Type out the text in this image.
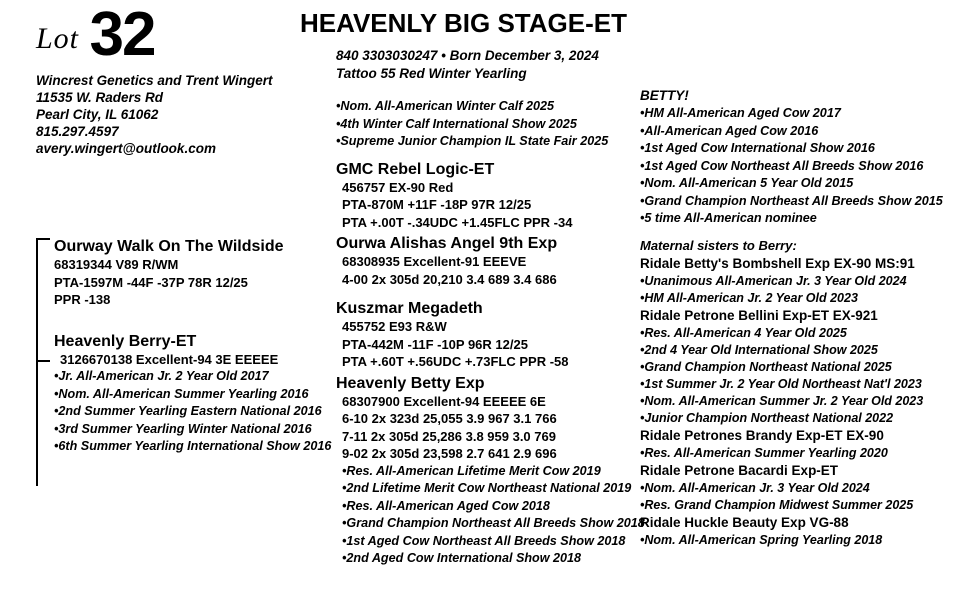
Lot 32
Wincrest Genetics and Trent Wingert
11535 W. Raders Rd
Pearl City, IL 61062
815.297.4597
avery.wingert@outlook.com
HEAVENLY BIG STAGE-ET
840 3303030247 • Born December 3, 2024
Tattoo 55 Red Winter Yearling
•Nom. All-American Winter Calf 2025
•4th Winter Calf International Show 2025
•Supreme Junior Champion IL State Fair 2025
GMC Rebel Logic-ET
456757 EX-90 Red
PTA-870M +11F -18P 97R 12/25
PTA +.00T -.34UDC +1.45FLC PPR -34
Ourwa Alishas Angel 9th Exp
68308935 Excellent-91 EEEVE
4-00 2x 305d 20,210 3.4 689 3.4 686
Kuszmar Megadeth
455752 E93 R&W
PTA-442M -11F -10P 96R 12/25
PTA +.60T +.56UDC +.73FLC PPR -58
Heavenly Betty Exp
68307900 Excellent-94 EEEEE 6E
6-10 2x 323d 25,055 3.9 967 3.1 766
7-11 2x 305d 25,286 3.8 959 3.0 769
9-02 2x 305d 23,598 2.7 641 2.9 696
•Res. All-American Lifetime Merit Cow 2019
•2nd Lifetime Merit Cow Northeast National 2019
•Res. All-American Aged Cow 2018
•Grand Champion Northeast All Breeds Show 2018
•1st Aged Cow Northeast All Breeds Show 2018
•2nd Aged Cow International Show 2018
Ourway Walk On The Wildside
68319344 V89 R/WM
PTA-1597M -44F -37P 78R 12/25
PPR -138
Heavenly Berry-ET
3126670138 Excellent-94 3E EEEEE
•Jr. All-American Jr. 2 Year Old 2017
•Nom. All-American Summer Yearling 2016
•2nd Summer Yearling Eastern National 2016
•3rd Summer Yearling Winter National 2016
•6th Summer Yearling International Show 2016
BETTY!
•HM All-American Aged Cow 2017
•All-American Aged Cow 2016
•1st Aged Cow International Show 2016
•1st Aged Cow Northeast All Breeds Show 2016
•Nom. All-American 5 Year Old 2015
•Grand Champion Northeast All Breeds Show 2015
•5 time All-American nominee
Maternal sisters to Berry:
Ridale Betty's Bombshell Exp EX-90 MS:91
•Unanimous All-American Jr. 3 Year Old 2024
•HM All-American Jr. 2 Year Old 2023
Ridale Petrone Bellini Exp-ET EX-921
•Res. All-American 4 Year Old 2025
•2nd 4 Year Old International Show 2025
•Grand Champion Northeast National 2025
•1st Summer Jr. 2 Year Old Northeast Nat'l 2023
•Nom. All-American Summer Jr. 2 Year Old 2023
•Junior Champion Northeast National 2022
Ridale Petrones Brandy Exp-ET EX-90
•Res. All-American Summer Yearling 2020
Ridale Petrone Bacardi Exp-ET
•Nom. All-American Jr. 3 Year Old 2024
•Res. Grand Champion Midwest Summer 2025
Ridale Huckle Beauty Exp VG-88
•Nom. All-American Spring Yearling 2018
